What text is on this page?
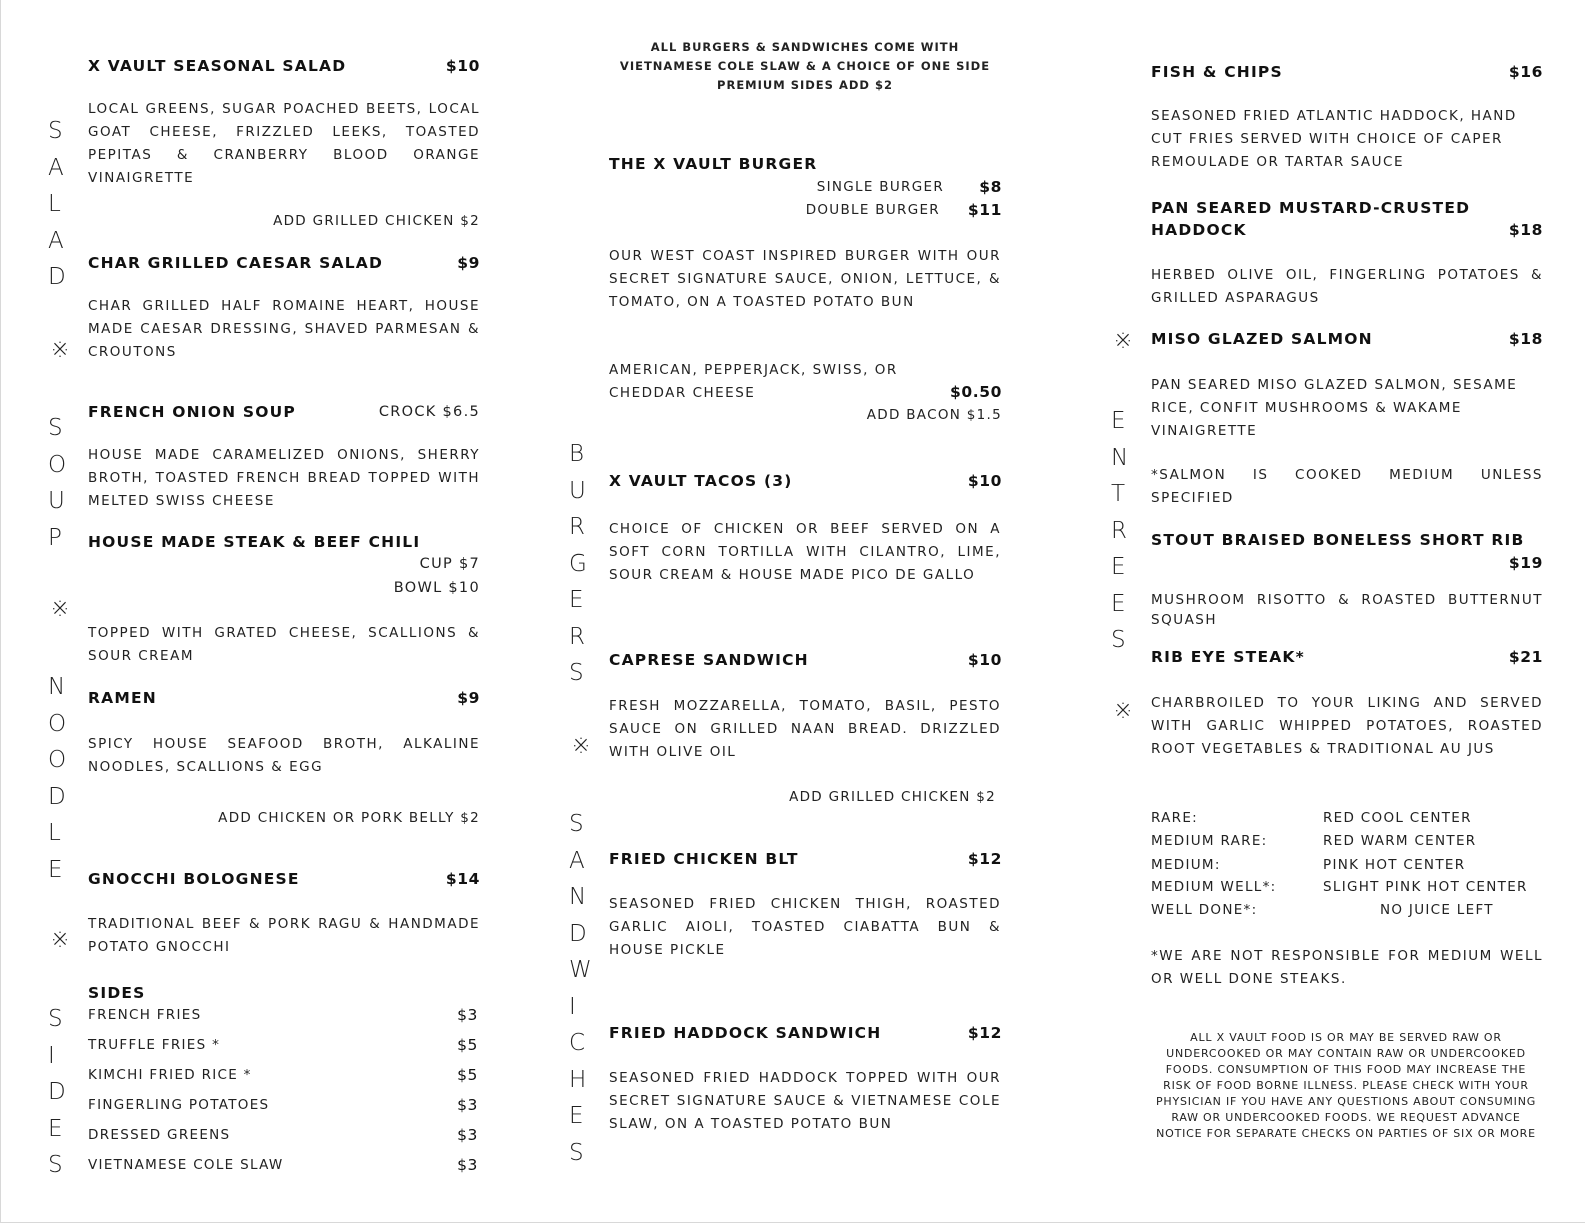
SALAD
※
SOUP
※
NOODLE
※
SIDES
BURGERS
※
SANDWICHES
※
ENTREES
※
X VAULT SEASONAL SALAD	$10
LOCAL GREENS, SUGAR POACHED BEETS, LOCAL GOAT CHEESE, FRIZZLED LEEKS, TOASTED PEPITAS & CRANBERRY BLOOD ORANGE VINAIGRETTE
ADD GRILLED CHICKEN $2
CHAR GRILLED CAESAR SALAD	$9
CHAR GRILLED HALF ROMAINE HEART, HOUSE MADE CAESAR DRESSING, SHAVED PARMESAN & CROUTONS
FRENCH ONION SOUP	CROCK $6.5
HOUSE MADE CARAMELIZED ONIONS, SHERRY BROTH, TOASTED FRENCH BREAD TOPPED WITH MELTED SWISS CHEESE
HOUSE MADE STEAK & BEEF CHILI
CUP $7
BOWL $10
TOPPED WITH GRATED CHEESE, SCALLIONS & SOUR CREAM
RAMEN	$9
SPICY HOUSE SEAFOOD BROTH, ALKALINE NOODLES, SCALLIONS & EGG
ADD CHICKEN OR PORK BELLY $2
GNOCCHI BOLOGNESE	$14
TRADITIONAL BEEF & PORK RAGU & HANDMADE POTATO GNOCCHI
SIDES
FRENCH FRIES	$3
TRUFFLE FRIES *	$5
KIMCHI FRIED RICE *	$5
FINGERLING POTATOES	$3
DRESSED GREENS	$3
VIETNAMESE COLE SLAW	$3
ALL BURGERS & SANDWICHES COME WITH VIETNAMESE COLE SLAW & A CHOICE OF ONE SIDE PREMIUM SIDES ADD $2
THE X VAULT BURGER
SINGLE BURGER $8
DOUBLE BURGER $11
OUR WEST COAST INSPIRED BURGER WITH OUR SECRET SIGNATURE SAUCE, ONION, LETTUCE, & TOMATO, ON A TOASTED POTATO BUN
AMERICAN, PEPPERJACK, SWISS, OR CHEDDAR CHEESE	$0.50
ADD BACON $1.5
X VAULT TACOS (3)	$10
CHOICE OF CHICKEN OR BEEF SERVED ON A SOFT CORN TORTILLA WITH CILANTRO, LIME, SOUR CREAM & HOUSE MADE PICO DE GALLO
CAPRESE SANDWICH	$10
FRESH MOZZARELLA, TOMATO, BASIL, PESTO SAUCE ON GRILLED NAAN BREAD. DRIZZLED WITH OLIVE OIL
ADD GRILLED CHICKEN $2
FRIED CHICKEN BLT	$12
SEASONED FRIED CHICKEN THIGH, ROASTED GARLIC AIOLI, TOASTED CIABATTA BUN & HOUSE PICKLE
FRIED HADDOCK SANDWICH	$12
SEASONED FRIED HADDOCK TOPPED WITH OUR SECRET SIGNATURE SAUCE & VIETNAMESE COLE SLAW, ON A TOASTED POTATO BUN
FISH & CHIPS	$16
SEASONED FRIED ATLANTIC HADDOCK, HAND CUT FRIES SERVED WITH CHOICE OF CAPER REMOULADE OR TARTAR SAUCE
PAN SEARED MUSTARD-CRUSTED
HADDOCK	$18
HERBED OLIVE OIL, FINGERLING POTATOES & GRILLED ASPARAGUS
MISO GLAZED SALMON	$18
PAN SEARED MISO GLAZED SALMON, SESAME RICE, CONFIT MUSHROOMS & WAKAME VINAIGRETTE
*SALMON IS COOKED MEDIUM UNLESS SPECIFIED
STOUT BRAISED BONELESS SHORT RIB
$19
MUSHROOM RISOTTO & ROASTED BUTTERNUT SQUASH
RIB EYE STEAK*	$21
CHARBROILED TO YOUR LIKING AND SERVED WITH GARLIC WHIPPED POTATOES, ROASTED ROOT VEGETABLES & TRADITIONAL AU JUS
RARE:	RED COOL CENTER
MEDIUM RARE:	RED WARM CENTER
MEDIUM:	PINK HOT CENTER
MEDIUM WELL*:	SLIGHT PINK HOT CENTER
WELL DONE*:	NO JUICE LEFT
*WE ARE NOT RESPONSIBLE FOR MEDIUM WELL OR WELL DONE STEAKS.
ALL X VAULT FOOD IS OR MAY BE SERVED RAW OR UNDERCOOKED OR MAY CONTAIN RAW OR UNDERCOOKED FOODS. CONSUMPTION OF THIS FOOD MAY INCREASE THE RISK OF FOOD BORNE ILLNESS. PLEASE CHECK WITH YOUR PHYSICIAN IF YOU HAVE ANY QUESTIONS ABOUT CONSUMING RAW OR UNDERCOOKED FOODS. WE REQUEST ADVANCE NOTICE FOR SEPARATE CHECKS ON PARTIES OF SIX OR MORE
